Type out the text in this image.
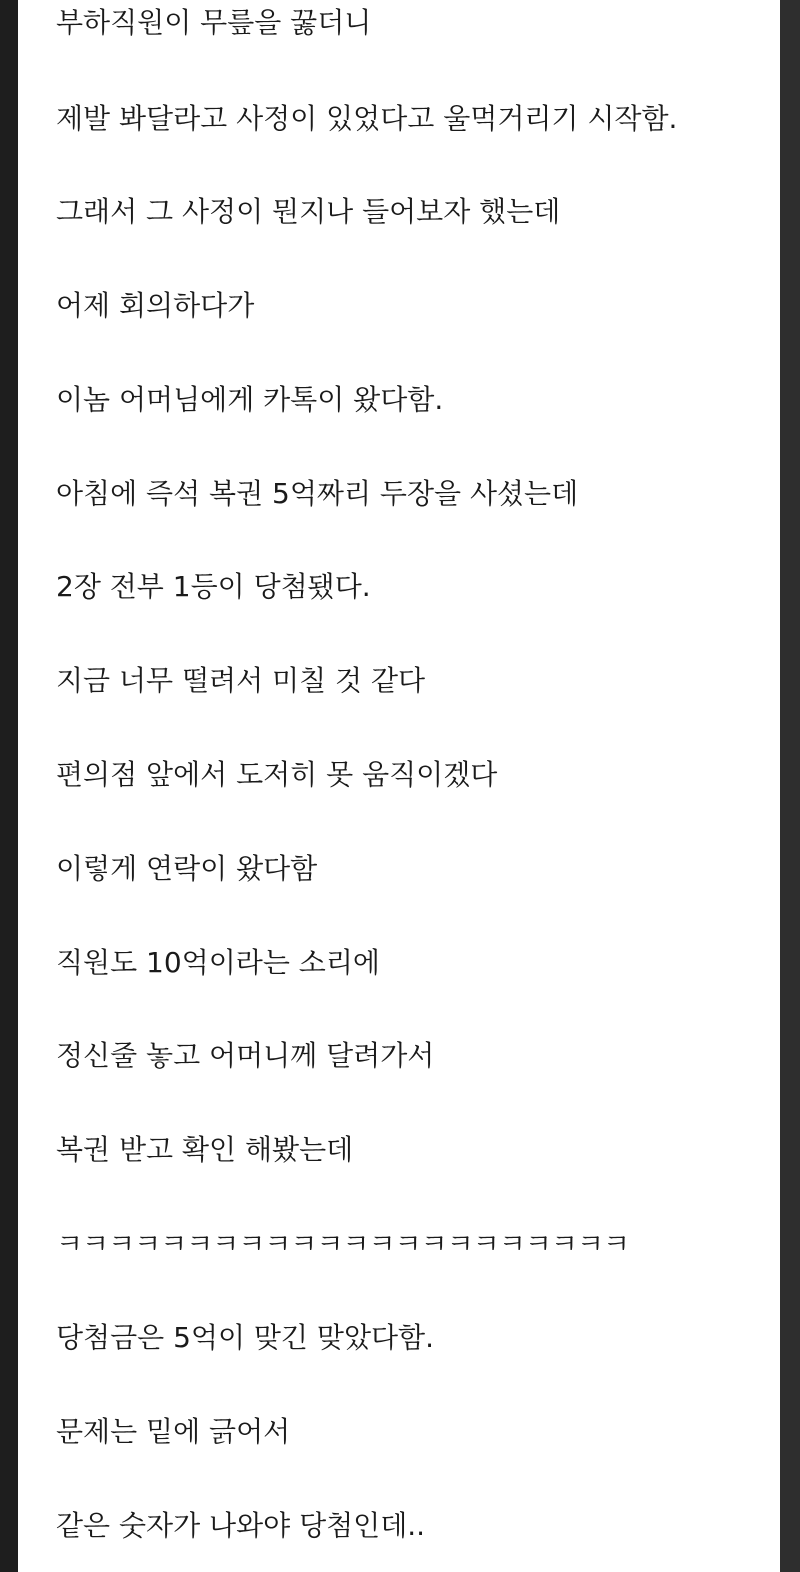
부하직원이 무릎을 꿇더니
제발 봐달라고 사정이 있었다고 울먹거리기 시작함.
그래서 그 사정이 뭔지나 들어보자 했는데
어제 회의하다가
이놈 어머님에게 카톡이 왔다함.
아침에 즉석 복권 5억짜리 두장을 사셨는데
2장 전부 1등이 당첨됐다.
지금 너무 떨려서 미칠 것 같다
편의점 앞에서 도저히 못 움직이겠다
이렇게 연락이 왔다함
직원도 10억이라는 소리에
정신줄 놓고 어머니께 달려가서
복권 받고 확인 해봤는데
ㅋㅋㅋㅋㅋㅋㅋㅋㅋㅋㅋㅋㅋㅋㅋㅋㅋㅋㅋㅋㅋㅋ
당첨금은 5억이 맞긴 맞았다함.
문제는 밑에 긁어서
같은 숫자가 나와야 당첨인데..
